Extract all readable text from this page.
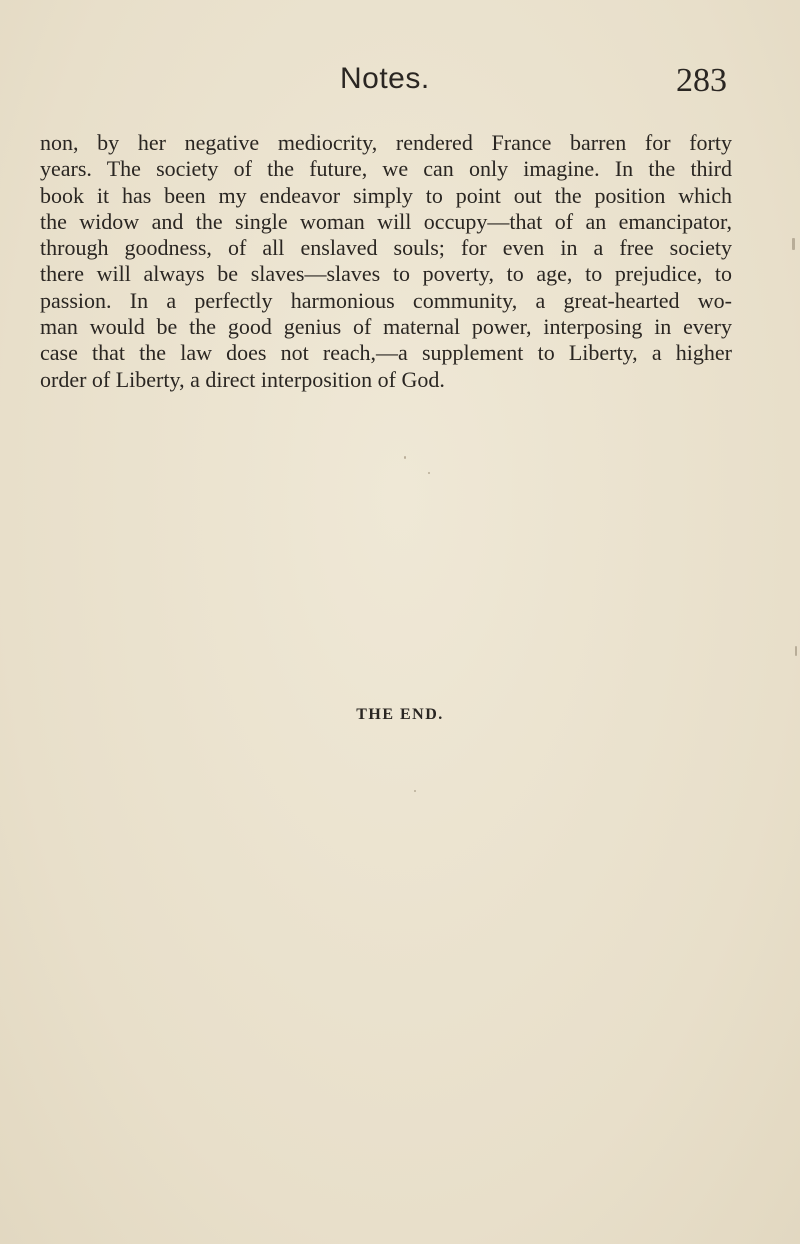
Notes.	283
non, by her negative mediocrity, rendered France barren for forty
years. The society of the future, we can only imagine. In the third
book it has been my endeavor simply to point out the position which
the widow and the single woman will occupy—that of an emancipator,
through goodness, of all enslaved souls; for even in a free society
there will always be slaves—slaves to poverty, to age, to prejudice, to
passion. In a perfectly harmonious community, a great-hearted wo-
man would be the good genius of maternal power, interposing in every
case that the law does not reach,—a supplement to Liberty, a higher
order of Liberty, a direct interposition of God.
THE END.
